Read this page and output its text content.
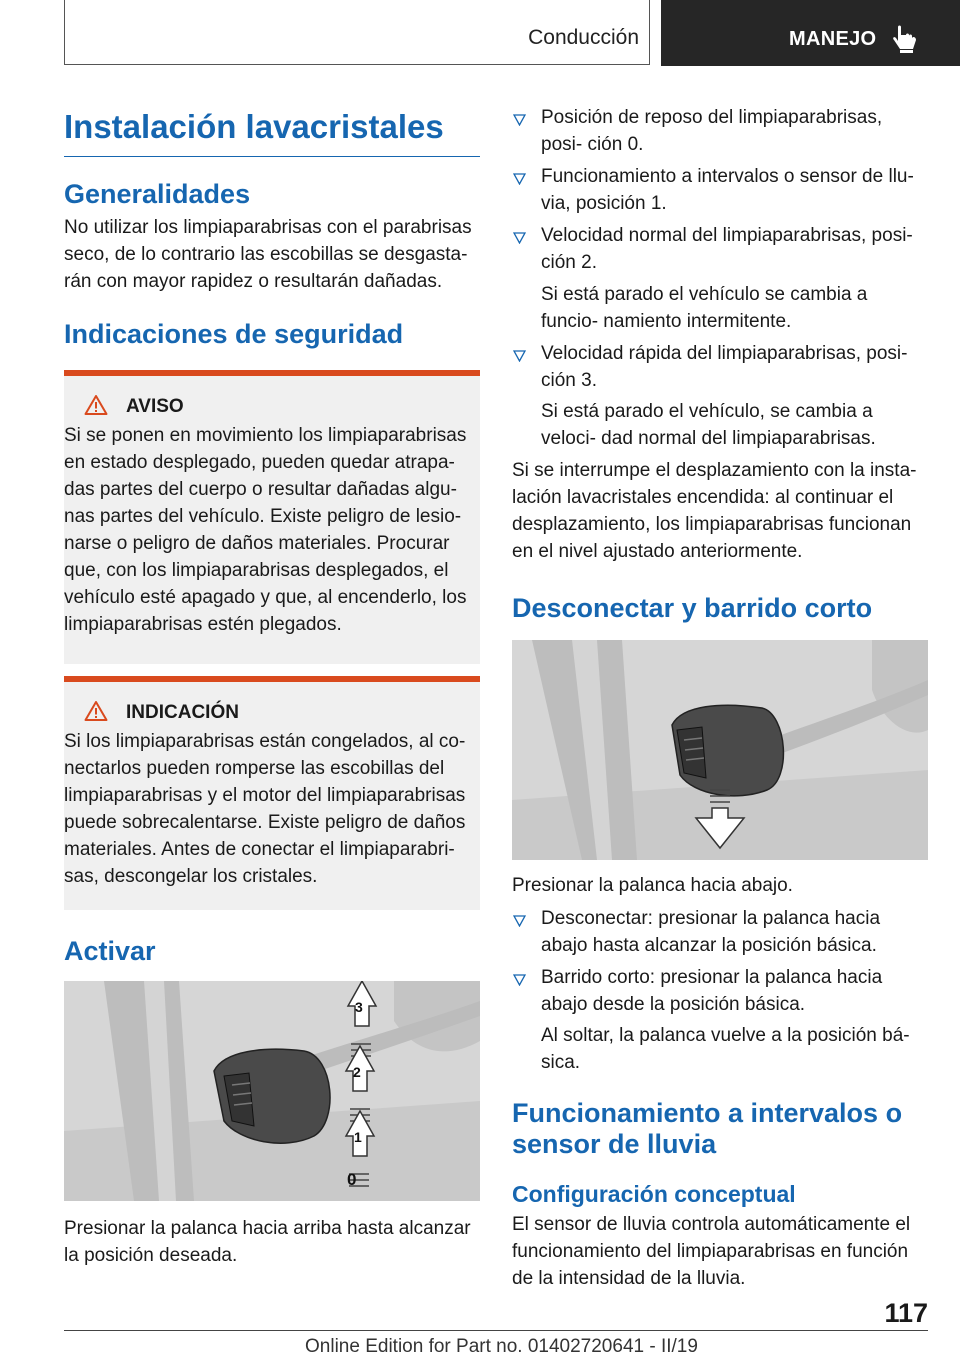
Conducción	MANEJO
Instalación lavacristales
Generalidades

No utilizar los limpiaparabrisas con el parabrisas seco, de lo contrario las escobillas se desgasta- rán con mayor rapidez o resultarán dañadas.

Indicaciones de seguridad
AVISO

Si se ponen en movimiento los limpiaparabrisas en estado desplegado, pueden quedar atrapa- das partes del cuerpo o resultar dañadas algu- nas partes del vehículo. Existe peligro de lesio- narse o peligro de daños materiales. Procurar que, con los limpiaparabrisas desplegados, el vehículo esté apagado y que, al encenderlo, los limpiaparabrisas estén plegados.

INDICACIÓN

Si los limpiaparabrisas están congelados, al co- nectarlos pueden romperse las escobillas del limpiaparabrisas y el motor del limpiaparabrisas puede sobrecalentarse. Existe peligro de daños materiales. Antes de conectar el limpiaparabri- sas, descongelar los cristales.

Activar
3
2
1
0

Presionar la palanca hacia arriba hasta alcanzar la posición deseada.

Posición de reposo del limpiaparabrisas, posi- ción 0.
Funcionamiento a intervalos o sensor de llu- via, posición 1.
Velocidad normal del limpiaparabrisas, posi- ción 2.

Si está parado el vehículo se cambia a funcio- namiento intermitente.

Velocidad rápida del limpiaparabrisas, posi- ción 3.

Si está parado el vehículo, se cambia a veloci- dad normal del limpiaparabrisas.

Si se interrumpe el desplazamiento con la insta- lación lavacristales encendida: al continuar el desplazamiento, los limpiaparabrisas funcionan en el nivel ajustado anteriormente.

Desconectar y barrido corto

Presionar la palanca hacia abajo.

Desconectar: presionar la palanca hacia abajo hasta alcanzar la posición básica.
Barrido corto: presionar la palanca hacia abajo desde la posición básica.

Al soltar, la palanca vuelve a la posición bá- sica.

Funcionamiento a intervalos o sensor de lluvia
Configuración conceptual

El sensor de lluvia controla automáticamente el funcionamiento del limpiaparabrisas en función de la intensidad de la lluvia.

117
Online Edition for Part no. 01402720641 - II/19
